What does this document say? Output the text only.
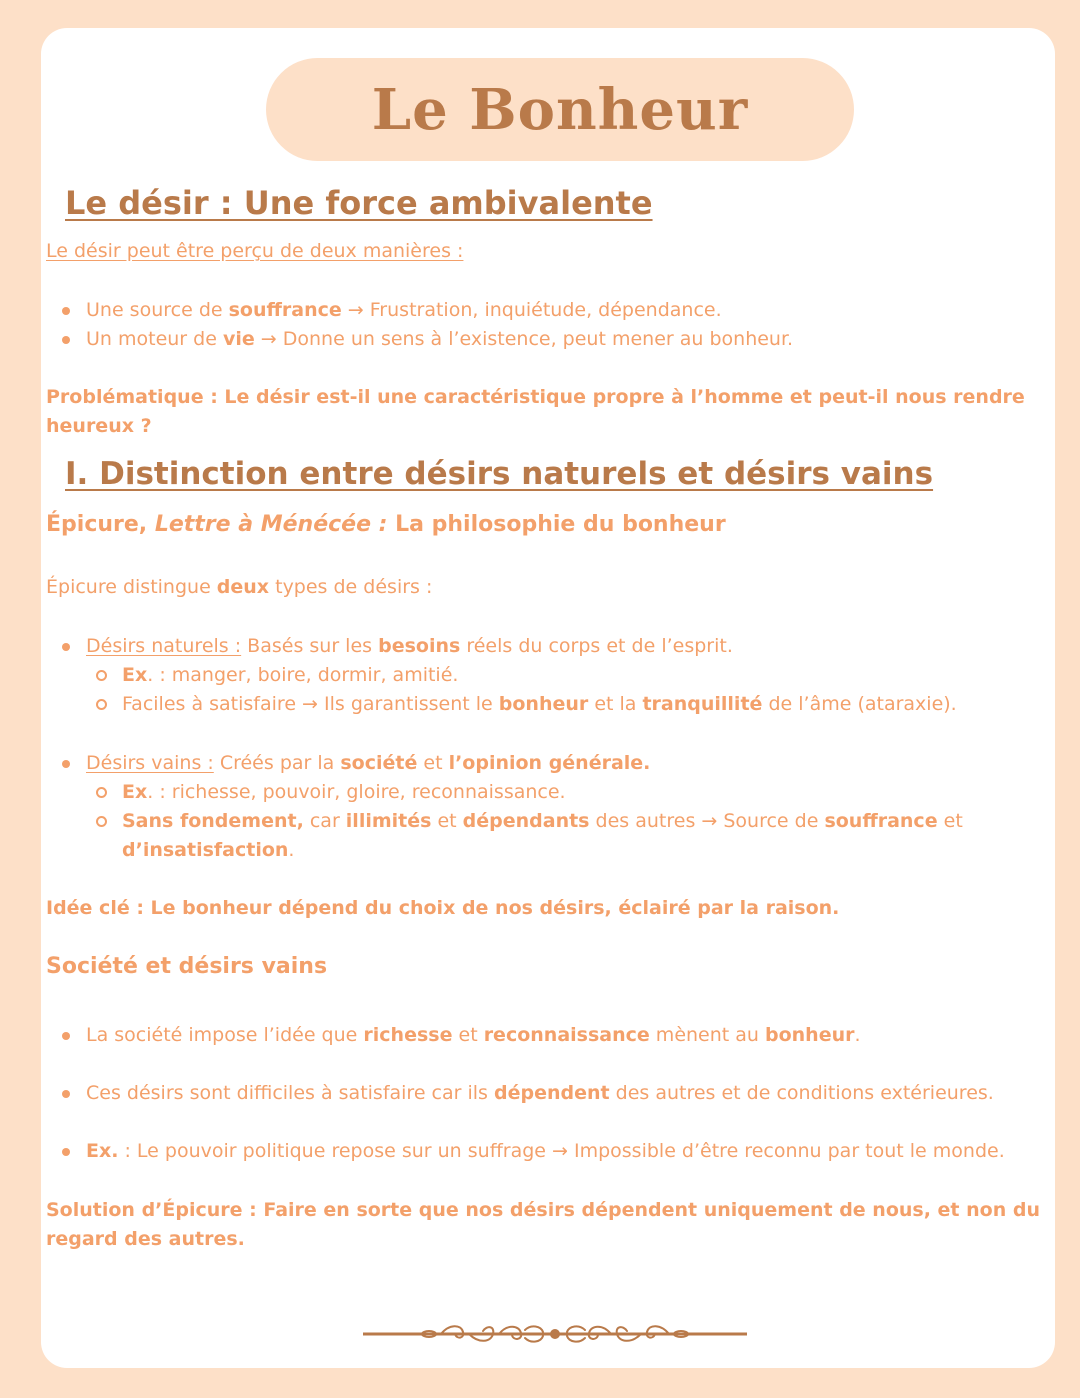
Le Bonheur
Le désir : Une force ambivalente
Le désir peut être perçu de deux manières :
Une source de souffrance → Frustration, inquiétude, dépendance.
Un moteur de vie → Donne un sens à l’existence, peut mener au bonheur.
Problématique : Le désir est-il une caractéristique propre à l’homme et peut-il nous rendre
heureux ?
I. Distinction entre désirs naturels et désirs vains
Épicure, Lettre à Ménécée : La philosophie du bonheur
Épicure distingue deux types de désirs :
Désirs naturels : Basés sur les besoins réels du corps et de l’esprit.
Ex. : manger, boire, dormir, amitié.
Faciles à satisfaire → Ils garantissent le bonheur et la tranquillité de l’âme (ataraxie).
Désirs vains : Créés par la société et l’opinion générale.
Ex. : richesse, pouvoir, gloire, reconnaissance.
Sans fondement, car illimités et dépendants des autres → Source de souffrance et
d’insatisfaction.
Idée clé : Le bonheur dépend du choix de nos désirs, éclairé par la raison.
Société et désirs vains
La société impose l’idée que richesse et reconnaissance mènent au bonheur.
Ces désirs sont difficiles à satisfaire car ils dépendent des autres et de conditions extérieures.
Ex. : Le pouvoir politique repose sur un suffrage → Impossible d’être reconnu par tout le monde.
Solution d’Épicure : Faire en sorte que nos désirs dépendent uniquement de nous, et non du
regard des autres.
